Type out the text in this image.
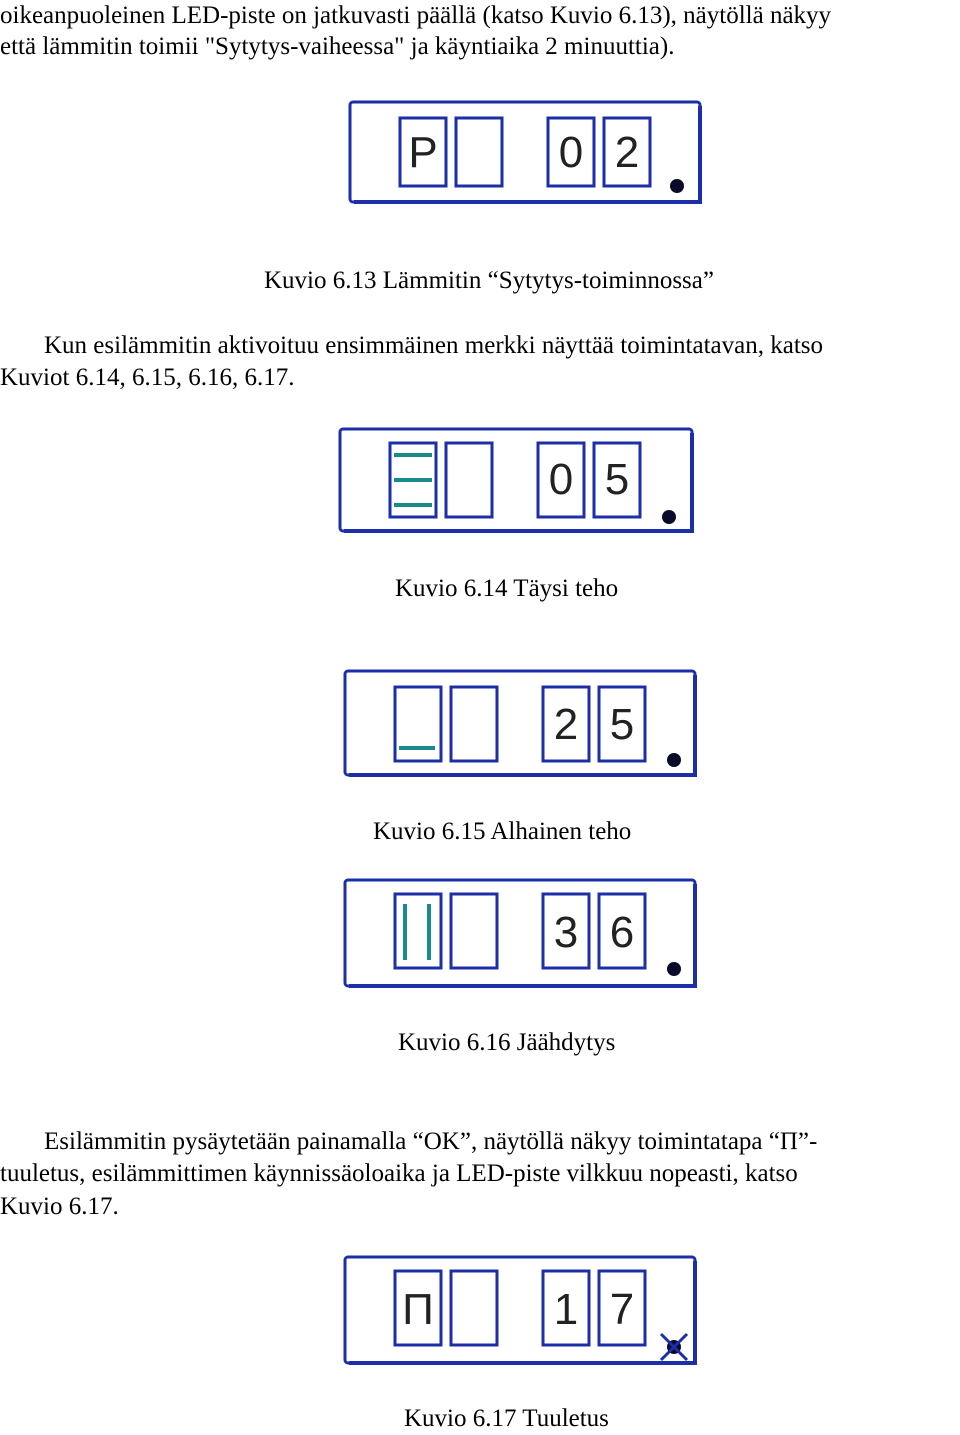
oikeanpuoleinen LED-piste on jatkuvasti päällä (katso Kuvio 6.13), näytöllä näkyy
että lämmitin toimii "Sytytys-vaiheessa" ja käyntiaika 2 minuuttia).
P	0 2
Kuvio 6.13 Lämmitin “Sytytys-toiminnossa”
Kun esilämmitin aktivoituu ensimmäinen merkki näyttää toimintatavan, katso
Kuviot 6.14, 6.15, 6.16, 6.17.
0 5
Kuvio 6.14 Täysi teho
2 5
Kuvio 6.15 Alhainen teho
3 6
Kuvio 6.16 Jäähdytys
Esilämmitin pysäytetään painamalla “OK”, näytöllä näkyy toimintatapa “Π”-
tuuletus, esilämmittimen käynnissäoloaika ja LED-piste vilkkuu nopeasti, katso
Kuvio 6.17.
Π	1 7
Kuvio 6.17 Tuuletus
